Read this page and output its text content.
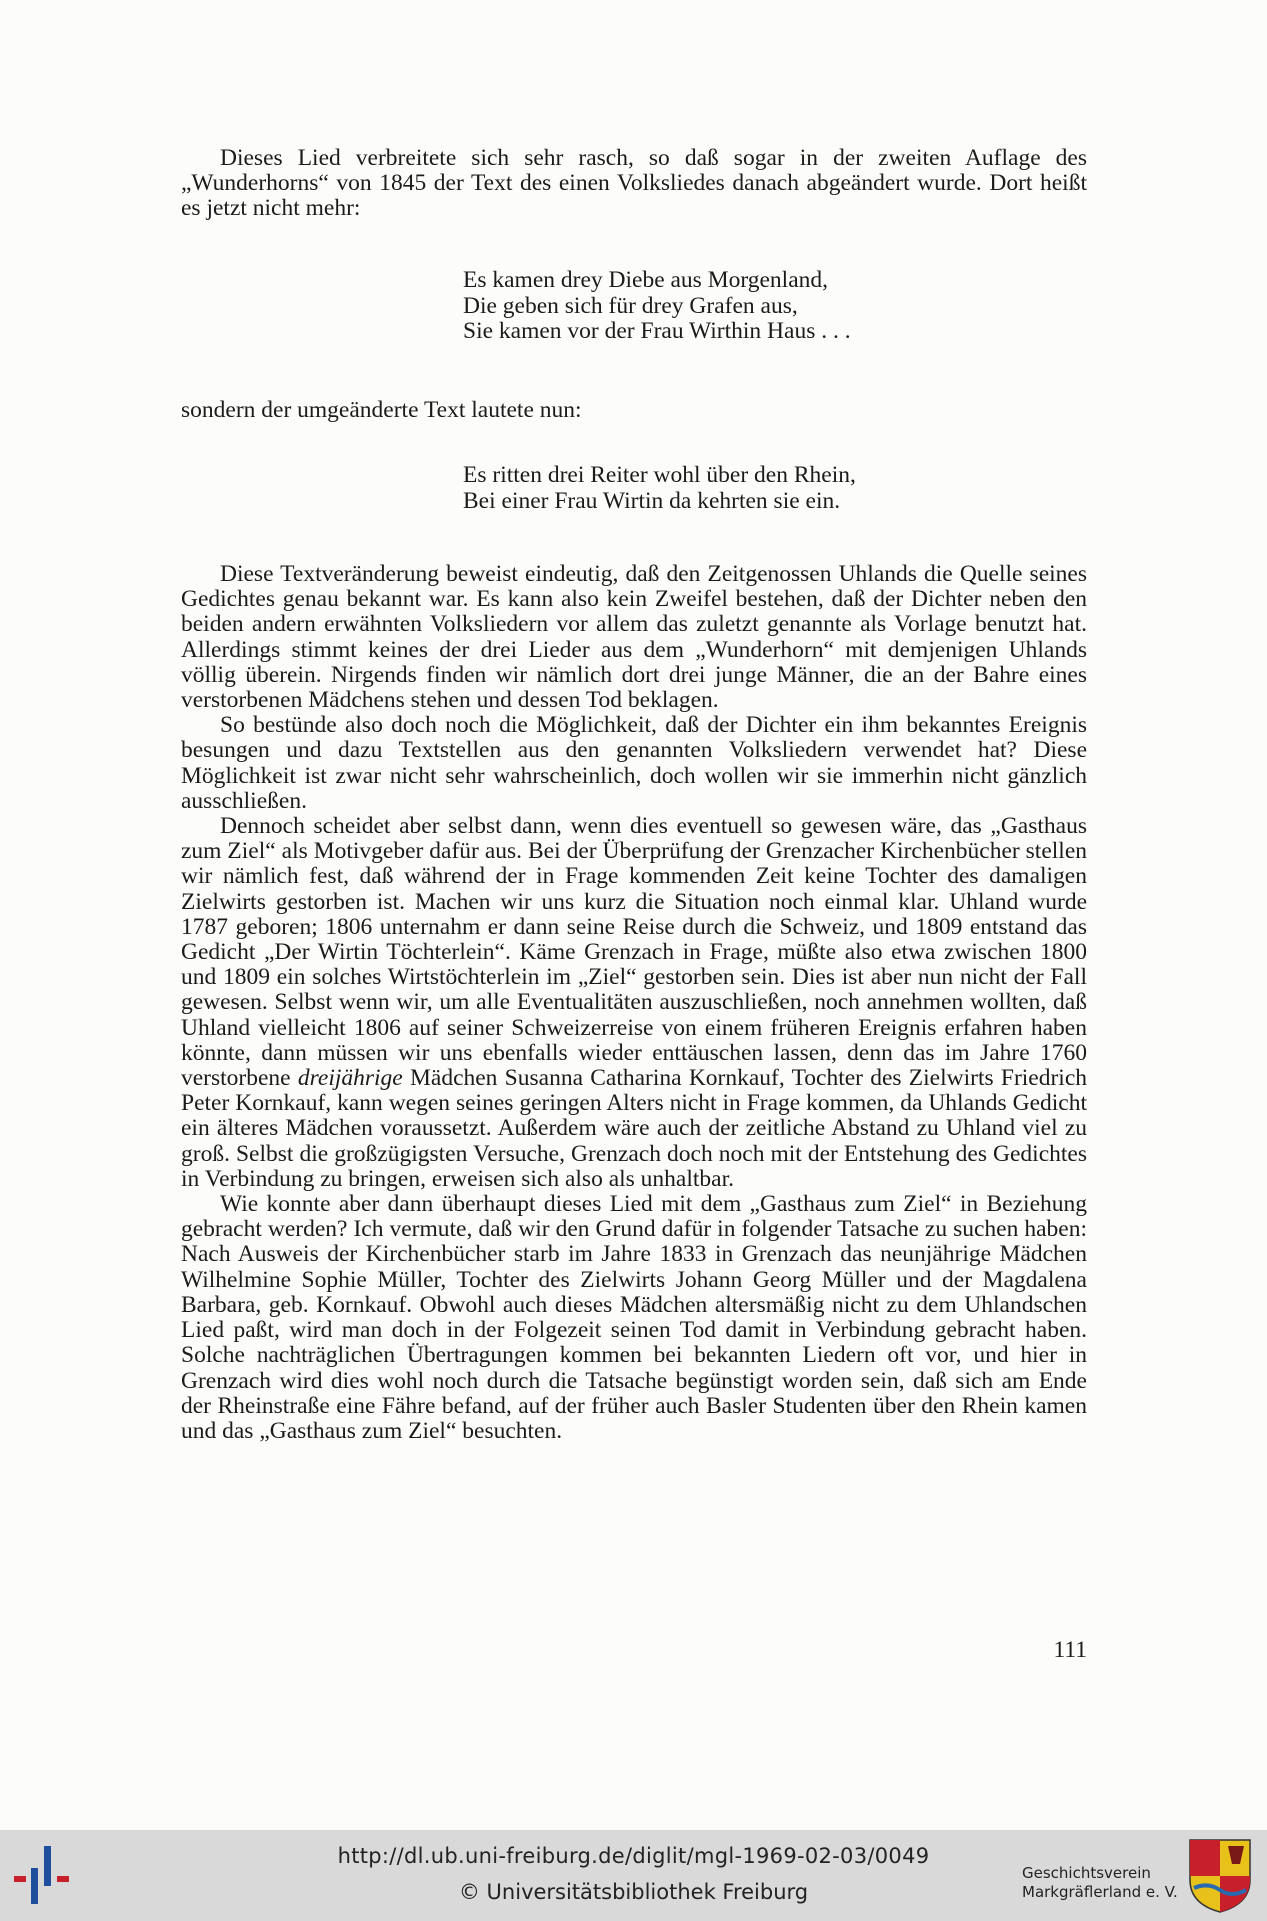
Dieses Lied verbreitete sich sehr rasch, so daß sogar in der zweiten Auflage des „Wunderhorns“ von 1845 der Text des einen Volksliedes danach abgeändert wurde. Dort heißt es jetzt nicht mehr:

Es kamen drey Diebe aus Morgenland,
Die geben sich für drey Grafen aus,
Sie kamen vor der Frau Wirthin Haus . . .

sondern der umgeänderte Text lautete nun:

Es ritten drei Reiter wohl über den Rhein,
Bei einer Frau Wirtin da kehrten sie ein.

Diese Textveränderung beweist eindeutig, daß den Zeitgenossen Uhlands die Quelle seines Gedichtes genau bekannt war. Es kann also kein Zweifel bestehen, daß der Dichter neben den beiden andern erwähnten Volksliedern vor allem das zuletzt genannte als Vorlage benutzt hat. Allerdings stimmt keines der drei Lieder aus dem „Wunderhorn“ mit demjenigen Uhlands völlig überein. Nirgends finden wir nämlich dort drei junge Männer, die an der Bahre eines verstorbenen Mädchens stehen und dessen Tod beklagen.

So bestünde also doch noch die Möglichkeit, daß der Dichter ein ihm bekanntes Ereignis besungen und dazu Textstellen aus den genannten Volksliedern verwendet hat? Diese Möglichkeit ist zwar nicht sehr wahrscheinlich, doch wollen wir sie immerhin nicht gänzlich ausschließen.

Dennoch scheidet aber selbst dann, wenn dies eventuell so gewesen wäre, das „Gasthaus zum Ziel“ als Motivgeber dafür aus. Bei der Überprüfung der Grenzacher Kirchenbücher stellen wir nämlich fest, daß während der in Frage kommenden Zeit keine Tochter des damaligen Zielwirts gestorben ist. Machen wir uns kurz die Situation noch einmal klar. Uhland wurde 1787 geboren; 1806 unternahm er dann seine Reise durch die Schweiz, und 1809 entstand das Gedicht „Der Wirtin Töchterlein“. Käme Grenzach in Frage, müßte also etwa zwischen 1800 und 1809 ein solches Wirtstöchterlein im „Ziel“ gestorben sein. Dies ist aber nun nicht der Fall gewesen. Selbst wenn wir, um alle Eventualitäten auszuschließen, noch annehmen wollten, daß Uhland vielleicht 1806 auf seiner Schweizerreise von einem früheren Ereignis erfahren haben könnte, dann müssen wir uns ebenfalls wieder enttäuschen lassen, denn das im Jahre 1760 verstorbene dreijährige Mädchen Susanna Catharina Kornkauf, Tochter des Zielwirts Friedrich Peter Kornkauf, kann wegen seines geringen Alters nicht in Frage kommen, da Uhlands Gedicht ein älteres Mädchen voraussetzt. Außerdem wäre auch der zeitliche Abstand zu Uhland viel zu groß. Selbst die großzügigsten Versuche, Grenzach doch noch mit der Entstehung des Gedichtes in Verbindung zu bringen, erweisen sich also als unhaltbar.

Wie konnte aber dann überhaupt dieses Lied mit dem „Gasthaus zum Ziel“ in Beziehung gebracht werden? Ich vermute, daß wir den Grund dafür in folgender Tatsache zu suchen haben: Nach Ausweis der Kirchenbücher starb im Jahre 1833 in Grenzach das neunjährige Mädchen Wilhelmine Sophie Müller, Tochter des Zielwirts Johann Georg Müller und der Magdalena Barbara, geb. Kornkauf. Obwohl auch dieses Mädchen altersmäßig nicht zu dem Uhlandschen Lied paßt, wird man doch in der Folgezeit seinen Tod damit in Verbindung gebracht haben. Solche nachträglichen Übertragungen kommen bei bekannten Liedern oft vor, und hier in Grenzach wird dies wohl noch durch die Tatsache begünstigt worden sein, daß sich am Ende der Rheinstraße eine Fähre befand, auf der früher auch Basler Studenten über den Rhein kamen und das „Gasthaus zum Ziel“ besuchten.

111
http://dl.ub.uni-freiburg.de/diglit/mgl-1969-02-03/0049
© Universitätsbibliothek Freiburg
Geschichtsverein
Markgräflerland e. V.
